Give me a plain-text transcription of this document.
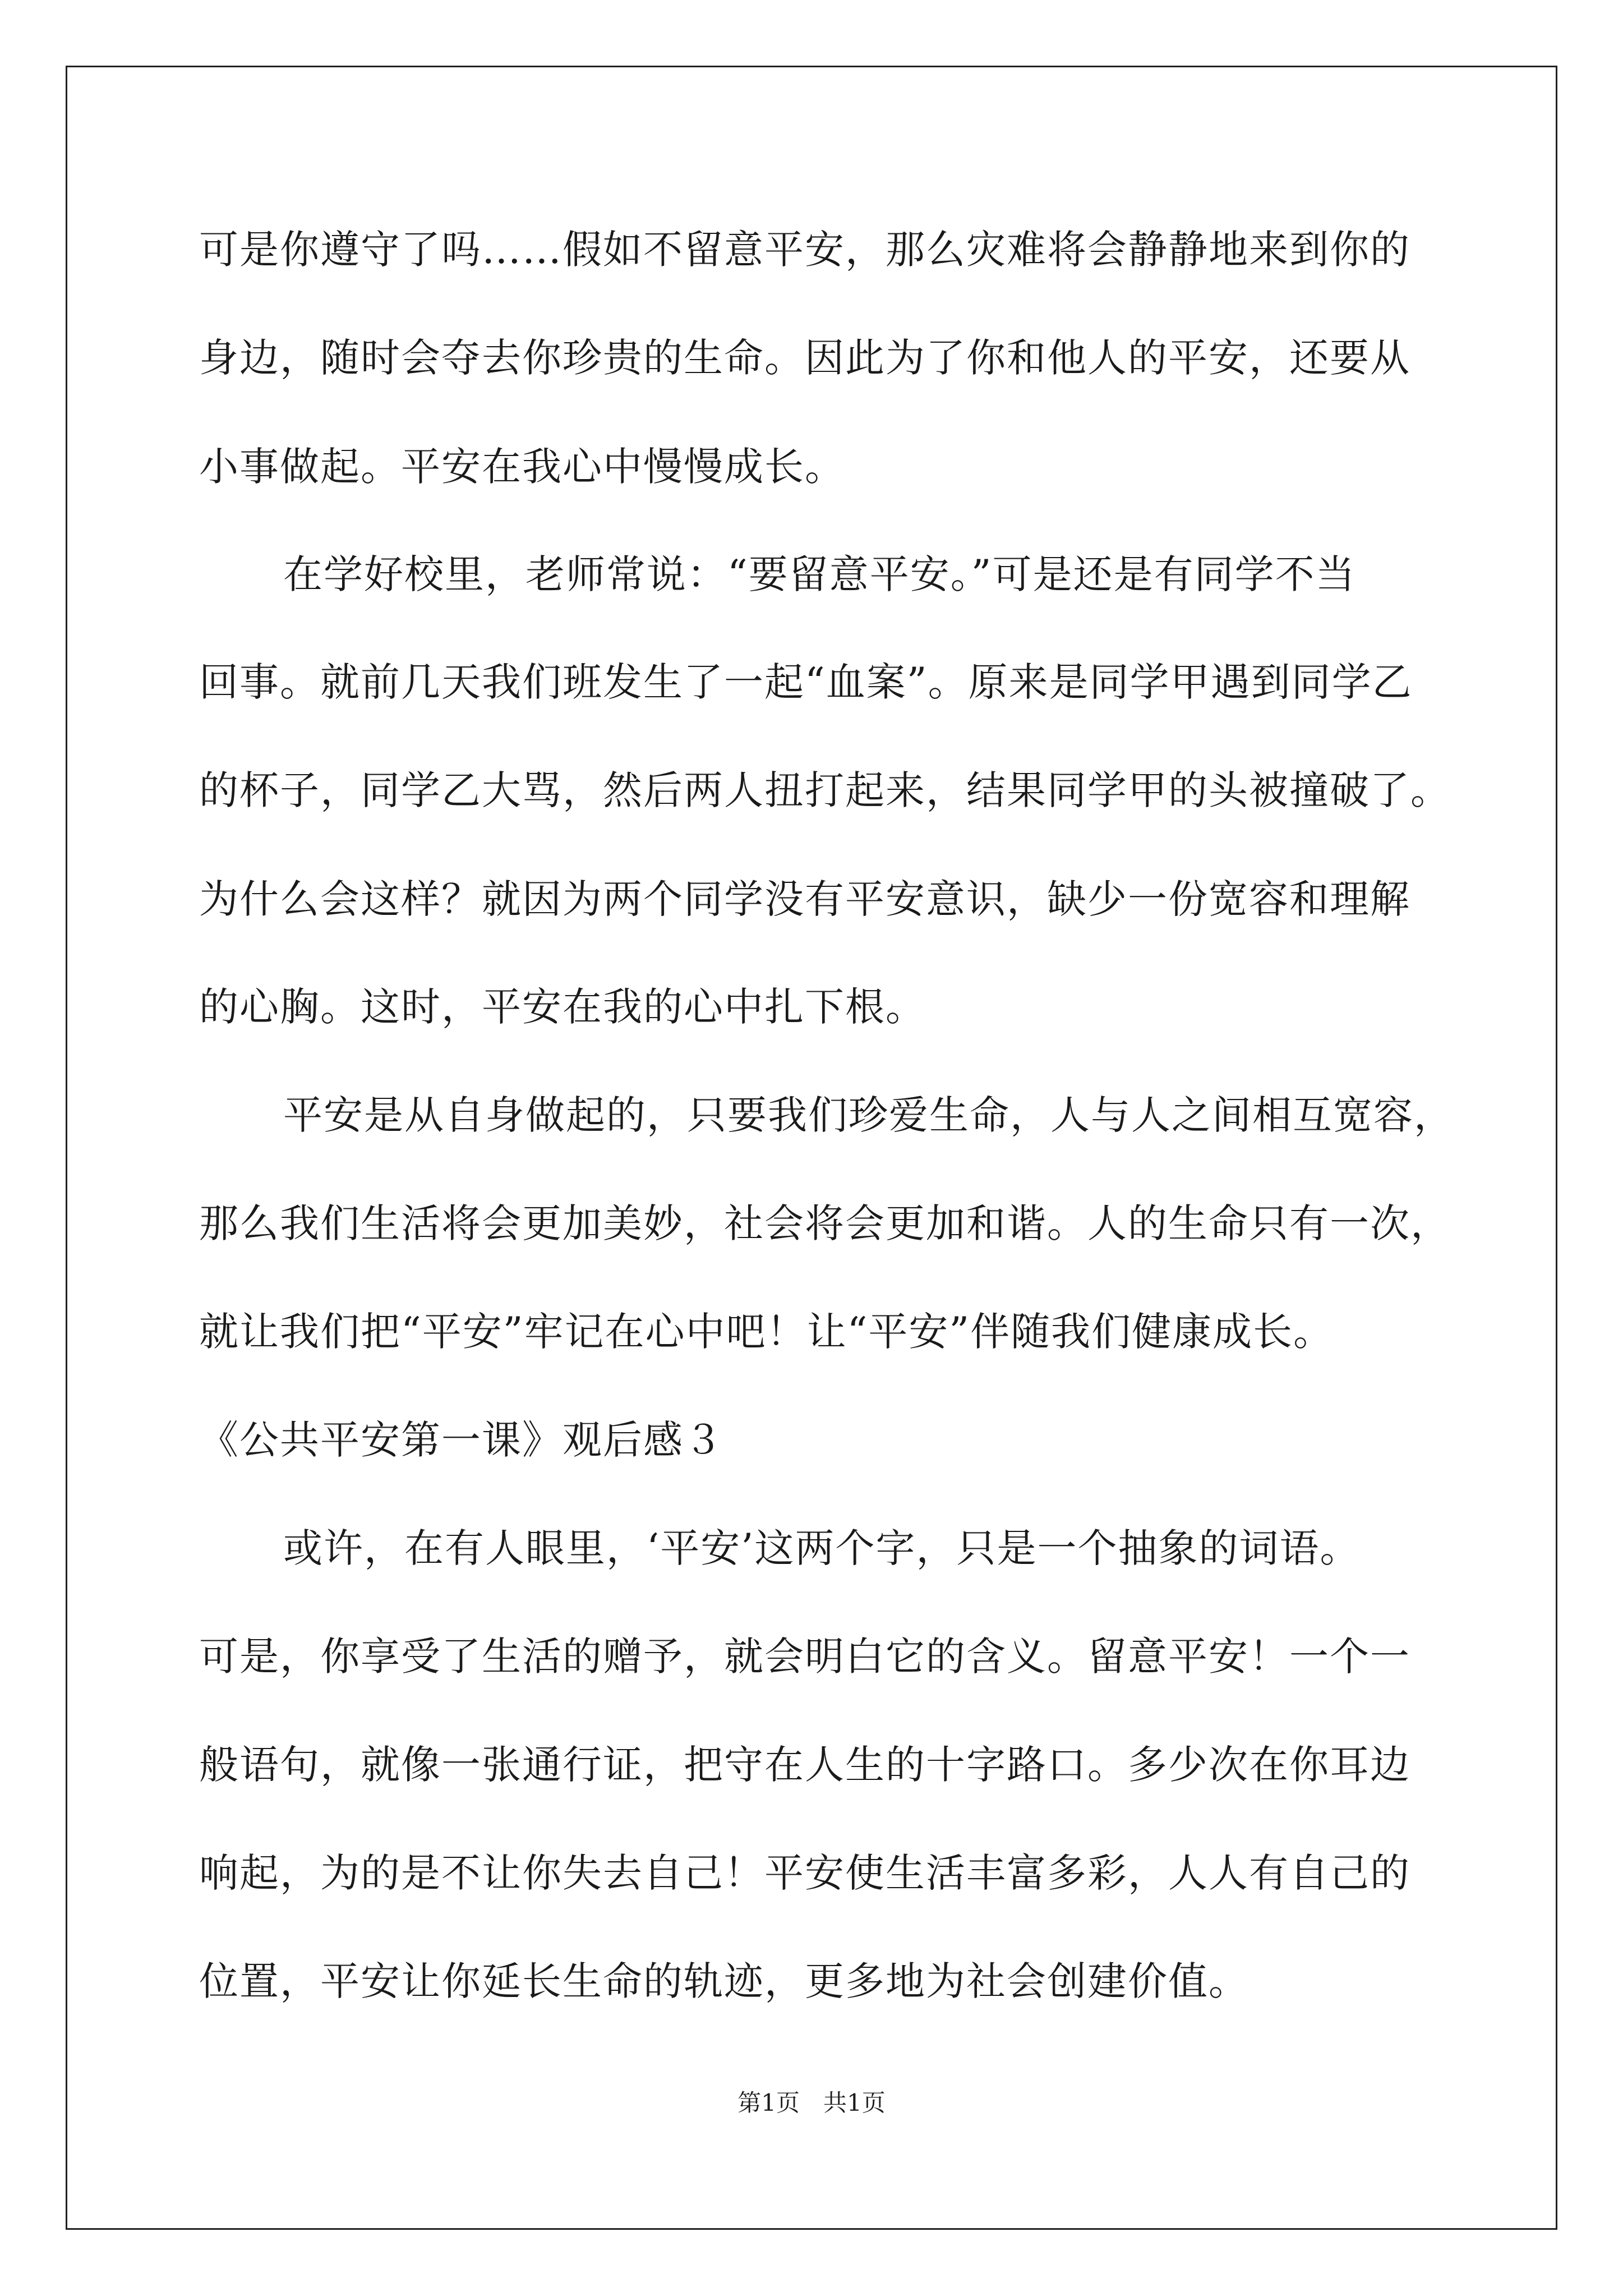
可是你遵守了吗……假如不留意平安，那么灾难将会静静地来到你的
身边，随时会夺去你珍贵的生命。因此为了你和他人的平安，还要从
小事做起。平安在我心中慢慢成长。
在学好校里，老师常说：“要留意平安。”可是还是有同学不当
回事。就前几天我们班发生了一起“血案”。原来是同学甲遇到同学乙
的杯子，同学乙大骂，然后两人扭打起来，结果同学甲的头被撞破了。
为什么会这样？就因为两个同学没有平安意识，缺少一份宽容和理解
的心胸。这时，平安在我的心中扎下根。
平安是从自身做起的，只要我们珍爱生命，人与人之间相互宽容，
那么我们生活将会更加美妙，社会将会更加和谐。人的生命只有一次，
就让我们把“平安”牢记在心中吧！让“平安”伴随我们健康成长。
《公共平安第一课》观后感３
或许，在有人眼里，‘平安’这两个字，只是一个抽象的词语。
可是，你享受了生活的赠予，就会明白它的含义。留意平安！一个一
般语句，就像一张通行证，把守在人生的十字路口。多少次在你耳边
响起，为的是不让你失去自己！平安使生活丰富多彩，人人有自己的
位置，平安让你延长生命的轨迹，更多地为社会创建价值。
第1页　共1页
